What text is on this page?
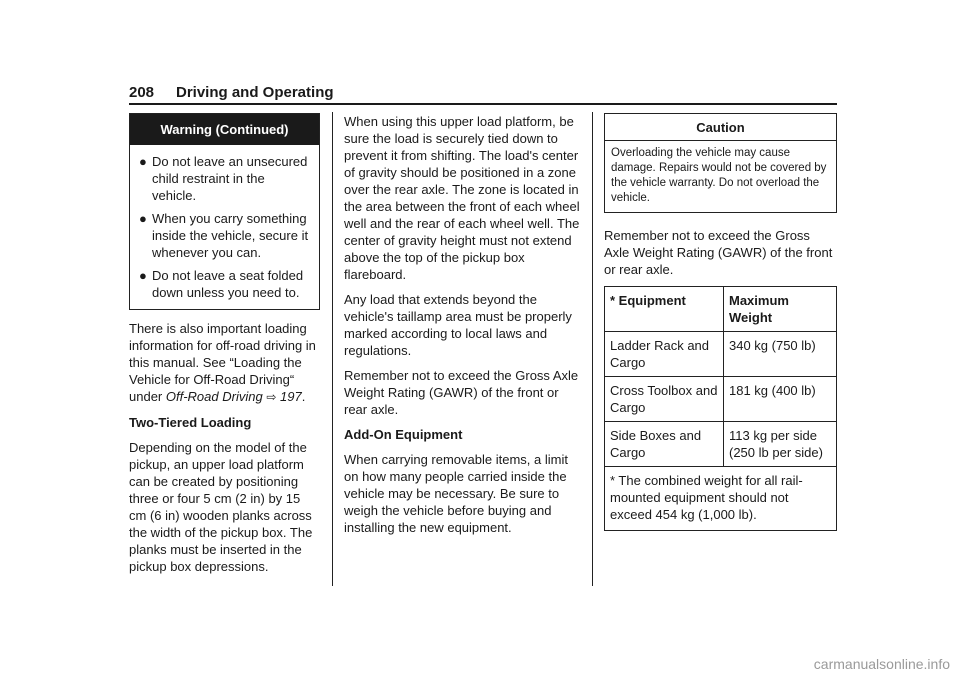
208 Driving and Operating
Warning (Continued)
● Do not leave an unsecured child restraint in the vehicle.
● When you carry something inside the vehicle, secure it whenever you can.
● Do not leave a seat folded down unless you need to.

There is also important loading information for off-road driving in this manual. See “Loading the Vehicle for Off-Road Driving“ under Off-Road Driving ⇨ 197.

Two-Tiered Loading

Depending on the model of the pickup, an upper load platform can be created by positioning three or four 5 cm (2 in) by 15 cm (6 in) wooden planks across the width of the pickup box. The planks must be inserted in the pickup box depressions.

When using this upper load platform, be sure the load is securely tied down to prevent it from shifting. The load's center of gravity should be positioned in a zone over the rear axle. The zone is located in the area between the front of each wheel well and the rear of each wheel well. The center of gravity height must not extend above the top of the pickup box flareboard.

Any load that extends beyond the vehicle's taillamp area must be properly marked according to local laws and regulations.

Remember not to exceed the Gross Axle Weight Rating (GAWR) of the front or rear axle.

Add-On Equipment

When carrying removable items, a limit on how many people carried inside the vehicle may be necessary. Be sure to weigh the vehicle before buying and installing the new equipment.

Caution
Overloading the vehicle may cause damage. Repairs would not be covered by the vehicle warranty. Do not overload the vehicle.

Remember not to exceed the Gross Axle Weight Rating (GAWR) of the front or rear axle.

* Equipment	Maximum Weight
Ladder Rack and Cargo	340 kg (750 lb)
Cross Toolbox and Cargo	181 kg (400 lb)
Side Boxes and Cargo	113 kg per side (250 lb per side)
* The combined weight for all rail-mounted equipment should not exceed 454 kg (1,000 lb).	
carmanualsonline.info
